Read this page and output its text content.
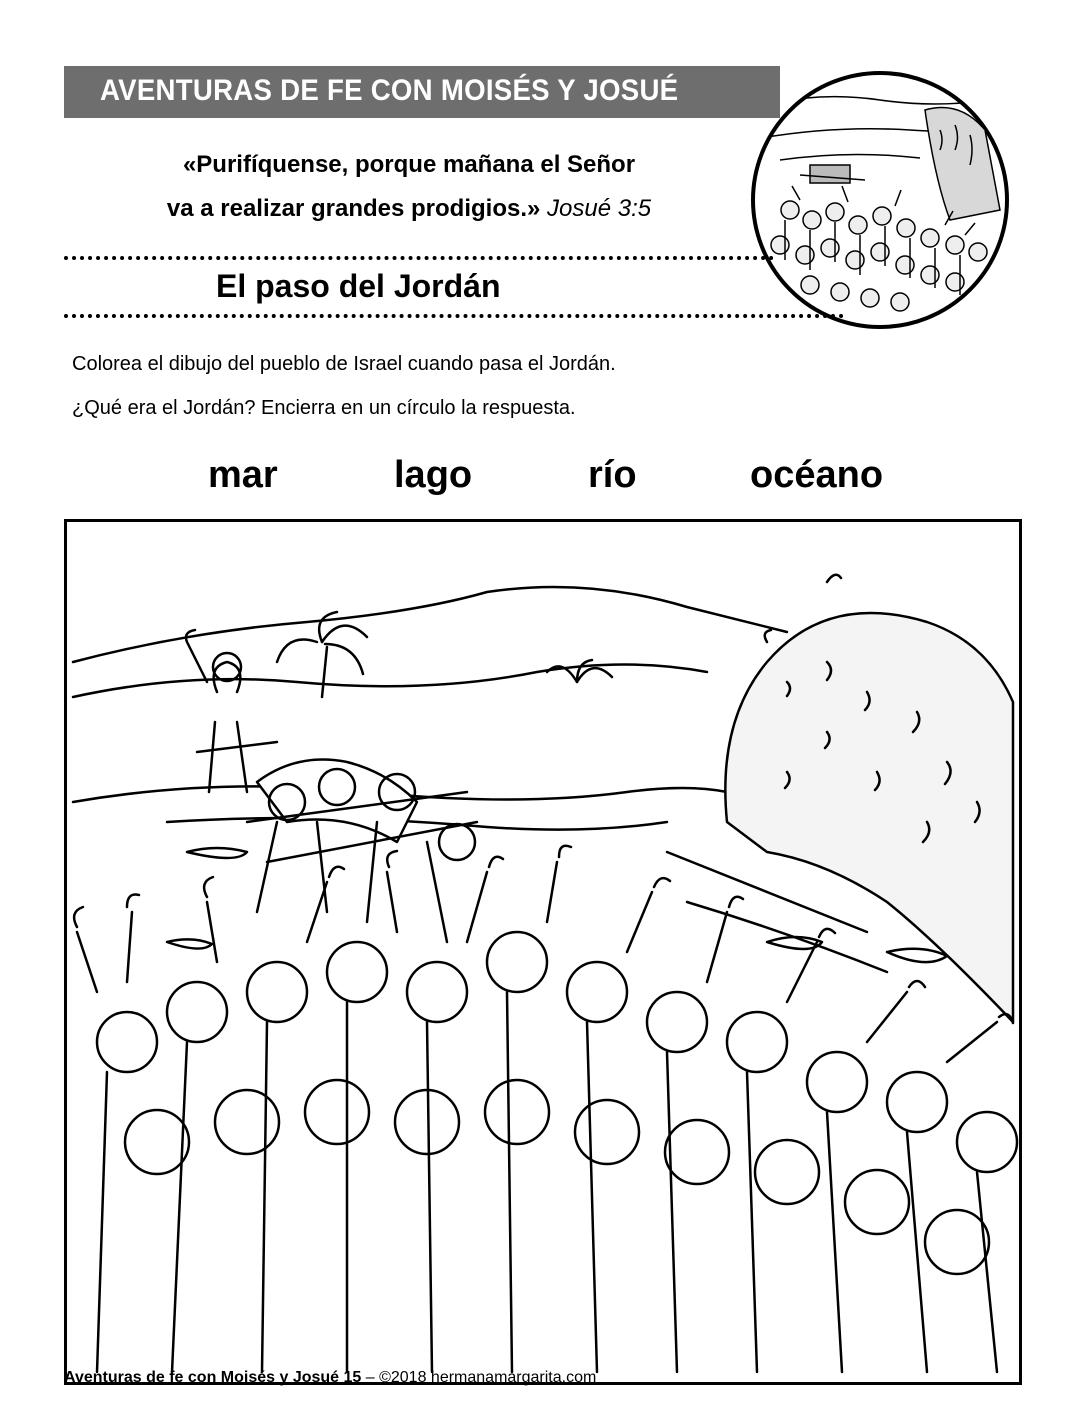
AVENTURAS DE FE CON MOISÉS Y JOSUÉ
«Purifíquense, porque mañana el Señor
va a realizar grandes prodigios.» Josué 3:5
El paso del Jordán
Colorea el dibujo del pueblo de Israel cuando pasa el Jordán.
¿Qué era el Jordán? Encierra en un círculo la respuesta.
mar	lago	río	océano
Aventuras de fe con Moisés y Josué 15 – ©2018 hermanamargarita.com
